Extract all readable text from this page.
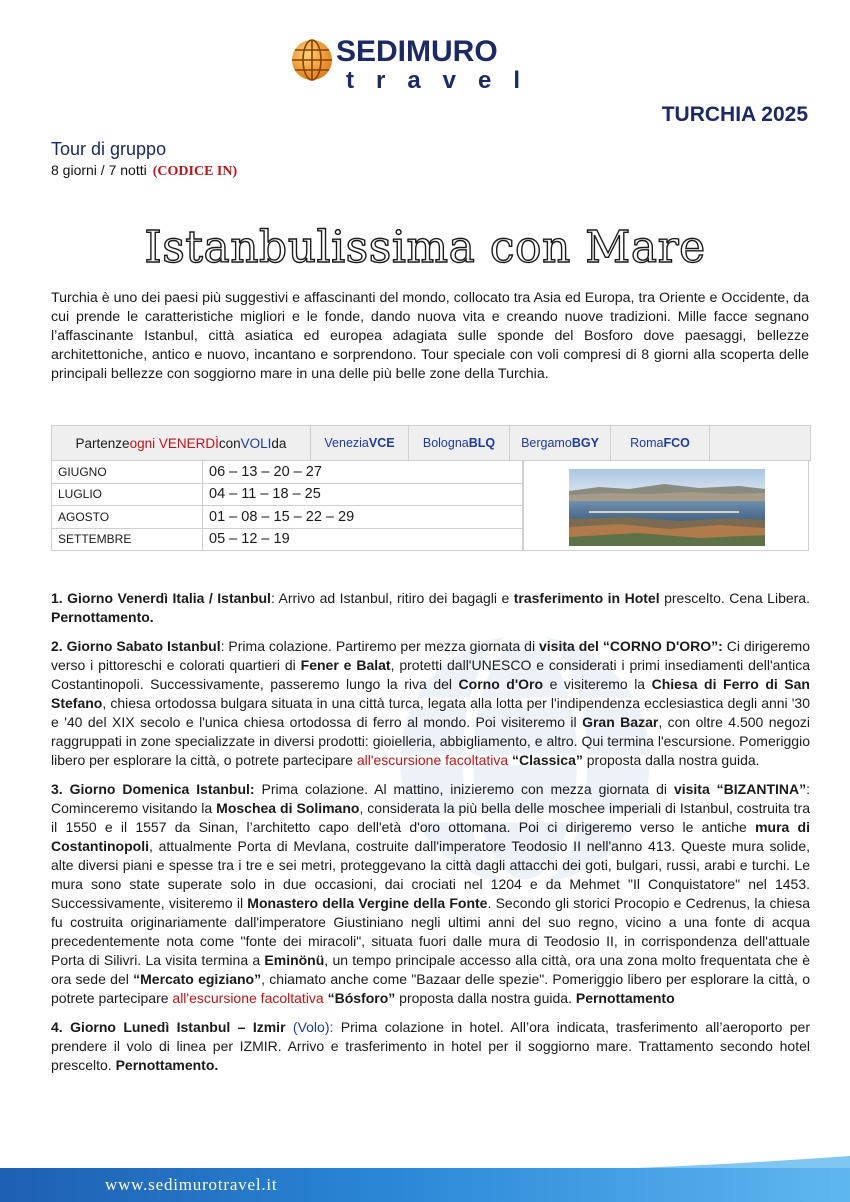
SEDIMURO
travel
TURCHIA 2025
Tour di gruppo
8 giorni / 7 notti (CODICE IN)
Istanbulissima con Mare
Turchia è uno dei paesi più suggestivi e affascinanti del mondo, collocato tra Asia ed Europa, tra Oriente e Occidente, da cui prende le caratteristiche migliori e le fonde, dando nuova vita e creando nuove tradizioni. Mille facce segnano l’affascinante Istanbul, città asiatica ed europea adagiata sulle sponde del Bosforo dove paesaggi, bellezze architettoniche, antico e nuovo, incantano e sorprendono. Tour speciale con voli compresi di 8 giorni alla scoperta delle principali bellezze con soggiorno mare in una delle più belle zone della Turchia.
Partenze ogni VENERDÌ con VOLI da	Venezia VCE Bologna BLQ Bergamo BGY Roma FCO
GIUGNO	06 – 13 – 20 – 27
LUGLIO	04 – 11 – 18 – 25
AGOSTO	01 – 08 – 15 – 22 – 29
SETTEMBRE	05 – 12 – 19

1. Giorno Venerdì Italia / Istanbul: Arrivo ad Istanbul, ritiro dei bagagli e trasferimento in Hotel prescelto. Cena Libera. Pernottamento.

2. Giorno Sabato Istanbul: Prima colazione. Partiremo per mezza giornata di visita del “CORNO D'ORO”: Ci dirigeremo verso i pittoreschi e colorati quartieri di Fener e Balat, protetti dall'UNESCO e considerati i primi insediamenti dell'antica Costantinopoli. Successivamente, passeremo lungo la riva del Corno d'Oro e visiteremo la Chiesa di Ferro di San Stefano, chiesa ortodossa bulgara situata in una città turca, legata alla lotta per l'indipendenza ecclesiastica degli anni '30 e '40 del XIX secolo e l'unica chiesa ortodossa di ferro al mondo. Poi visiteremo il Gran Bazar, con oltre 4.500 negozi raggruppati in zone specializzate in diversi prodotti: gioielleria, abbigliamento, e altro. Qui termina l'escursione. Pomeriggio libero per esplorare la città, o potrete partecipare all'escursione facoltativa “Classica” proposta dalla nostra guida.

3. Giorno Domenica Istanbul: Prima colazione. Al mattino, inizieremo con mezza giornata di visita “BIZANTINA”: Cominceremo visitando la Moschea di Solimano, considerata la più bella delle moschee imperiali di Istanbul, costruita tra il 1550 e il 1557 da Sinan, l’architetto capo dell'età d'oro ottomana. Poi ci dirigeremo verso le antiche mura di Costantinopoli, attualmente Porta di Mevlana, costruite dall'imperatore Teodosio II nell'anno 413. Queste mura solide, alte diversi piani e spesse tra i tre e sei metri, proteggevano la città dagli attacchi dei goti, bulgari, russi, arabi e turchi. Le mura sono state superate solo in due occasioni, dai crociati nel 1204 e da Mehmet "Il Conquistatore" nel 1453. Successivamente, visiteremo il Monastero della Vergine della Fonte. Secondo gli storici Procopio e Cedrenus, la chiesa fu costruita originariamente dall'imperatore Giustiniano negli ultimi anni del suo regno, vicino a una fonte di acqua precedentemente nota come "fonte dei miracoli", situata fuori dalle mura di Teodosio II, in corrispondenza dell'attuale Porta di Silivri. La visita termina a Eminönü, un tempo principale accesso alla città, ora una zona molto frequentata che è ora sede del “Mercato egiziano”, chiamato anche come "Bazaar delle spezie". Pomeriggio libero per esplorare la città, o potrete partecipare all'escursione facoltativa “Bósforo” proposta dalla nostra guida. Pernottamento

4. Giorno Lunedì Istanbul – Izmir (Volo): Prima colazione in hotel. All’ora indicata, trasferimento all’aeroporto per prendere il volo di linea per IZMIR. Arrivo e trasferimento in hotel per il soggiorno mare. Trattamento secondo hotel prescelto. Pernottamento.

www.sedimurotravel.it
